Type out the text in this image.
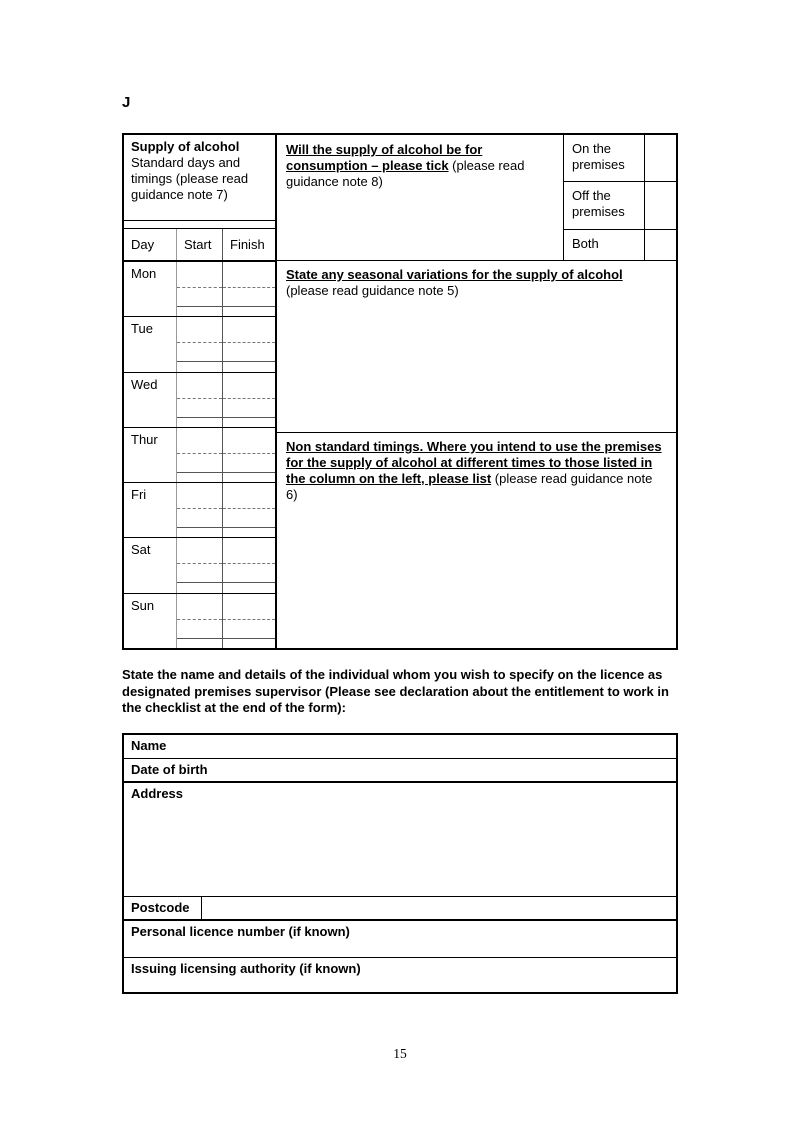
J
Supply of alcohol
Standard days and timings (please read guidance note 7)
Day	Start	Finish
Mon
Tue
Wed
Thur
Fri
Sat
Sun
Will the supply of alcohol be for consumption – please tick (please read guidance note 8)
On the premises
Off the premises
Both
State any seasonal variations for the supply of alcohol (please read guidance note 5)
Non standard timings. Where you intend to use the premises for the supply of alcohol at different times to those listed in the column on the left, please list (please read guidance note 6)
State the name and details of the individual whom you wish to specify on the licence as designated premises supervisor (Please see declaration about the entitlement to work in the checklist at the end of the form):
Name
Date of birth
Address
Postcode
Personal licence number (if known)
Issuing licensing authority (if known)
15
